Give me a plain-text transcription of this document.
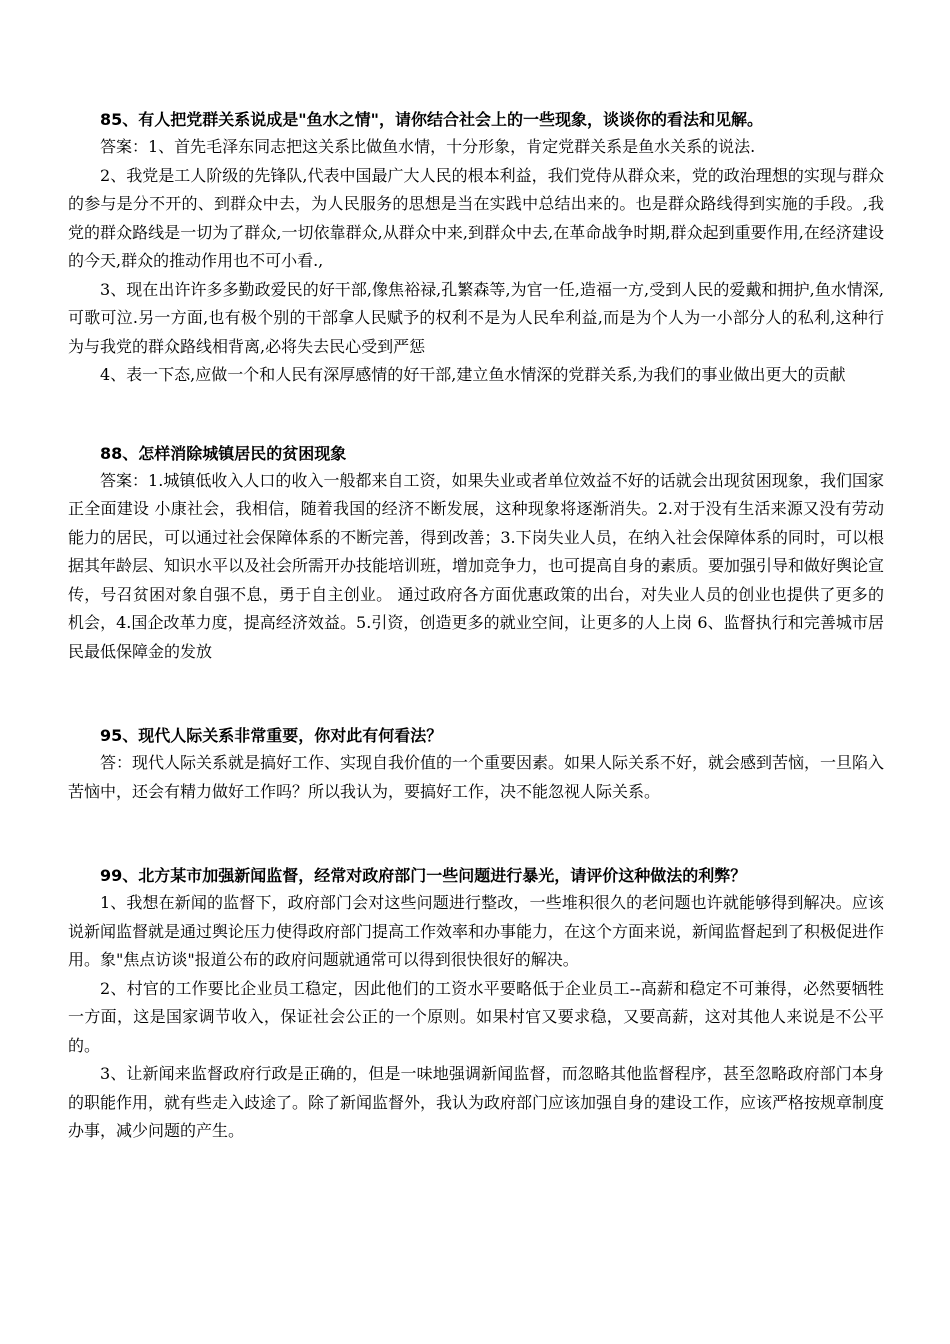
85、有人把党群关系说成是"鱼水之情"，请你结合社会上的一些现象，谈谈你的看法和见解。

答案：1、首先毛泽东同志把这关系比做鱼水情，十分形象，肯定党群关系是鱼水关系的说法.

2、我党是工人阶级的先锋队,代表中国最广大人民的根本利益，我们党侍从群众来，党的政治理想的实现与群众的参与是分不开的、到群众中去，为人民服务的思想是当在实践中总结出来的。也是群众路线得到实施的手段。,我党的群众路线是一切为了群众,一切依靠群众,从群众中来,到群众中去,在革命战争时期,群众起到重要作用,在经济建设的今天,群众的推动作用也不可小看.,

3、现在出许许多多勤政爱民的好干部,像焦裕禄,孔繁森等,为官一任,造福一方,受到人民的爱戴和拥护,鱼水情深,可歌可泣.另一方面,也有极个别的干部拿人民赋予的权利不是为人民牟利益,而是为个人为一小部分人的私利,这种行为与我党的群众路线相背离,必将失去民心受到严惩

4、表一下态,应做一个和人民有深厚感情的好干部,建立鱼水情深的党群关系,为我们的事业做出更大的贡献

88、怎样消除城镇居民的贫困现象

答案：1.城镇低收入人口的收入一般都来自工资，如果失业或者单位效益不好的话就会出现贫困现象，我们国家正全面建设 小康社会，我相信，随着我国的经济不断发展，这种现象将逐渐消失。2.对于没有生活来源又没有劳动能力的居民，可以通过社会保障体系的不断完善，得到改善；3.下岗失业人员，在纳入社会保障体系的同时，可以根据其年龄层、知识水平以及社会所需开办技能培训班，增加竞争力，也可提高自身的素质。要加强引导和做好舆论宣传，号召贫困对象自强不息，勇于自主创业。 通过政府各方面优惠政策的出台，对失业人员的创业也提供了更多的机会，4.国企改革力度，提高经济效益。5.引资，创造更多的就业空间，让更多的人上岗 6、监督执行和完善城市居民最低保障金的发放

95、现代人际关系非常重要，你对此有何看法？

答：现代人际关系就是搞好工作、实现自我价值的一个重要因素。如果人际关系不好，就会感到苦恼，一旦陷入苦恼中，还会有精力做好工作吗？所以我认为，要搞好工作，决不能忽视人际关系。

99、北方某市加强新闻监督，经常对政府部门一些问题进行暴光，请评价这种做法的利弊？

1、我想在新闻的监督下，政府部门会对这些问题进行整改，一些堆积很久的老问题也许就能够得到解决。应该说新闻监督就是通过舆论压力使得政府部门提高工作效率和办事能力，在这个方面来说，新闻监督起到了积极促进作用。象"焦点访谈"报道公布的政府问题就通常可以得到很快很好的解决。

2、村官的工作要比企业员工稳定，因此他们的工资水平要略低于企业员工--高薪和稳定不可兼得，必然要牺牲一方面，这是国家调节收入，保证社会公正的一个原则。如果村官又要求稳，又要高薪，这对其他人来说是不公平的。

3、让新闻来监督政府行政是正确的，但是一味地强调新闻监督，而忽略其他监督程序，甚至忽略政府部门本身的职能作用，就有些走入歧途了。除了新闻监督外，我认为政府部门应该加强自身的建设工作，应该严格按规章制度办事，减少问题的产生。
